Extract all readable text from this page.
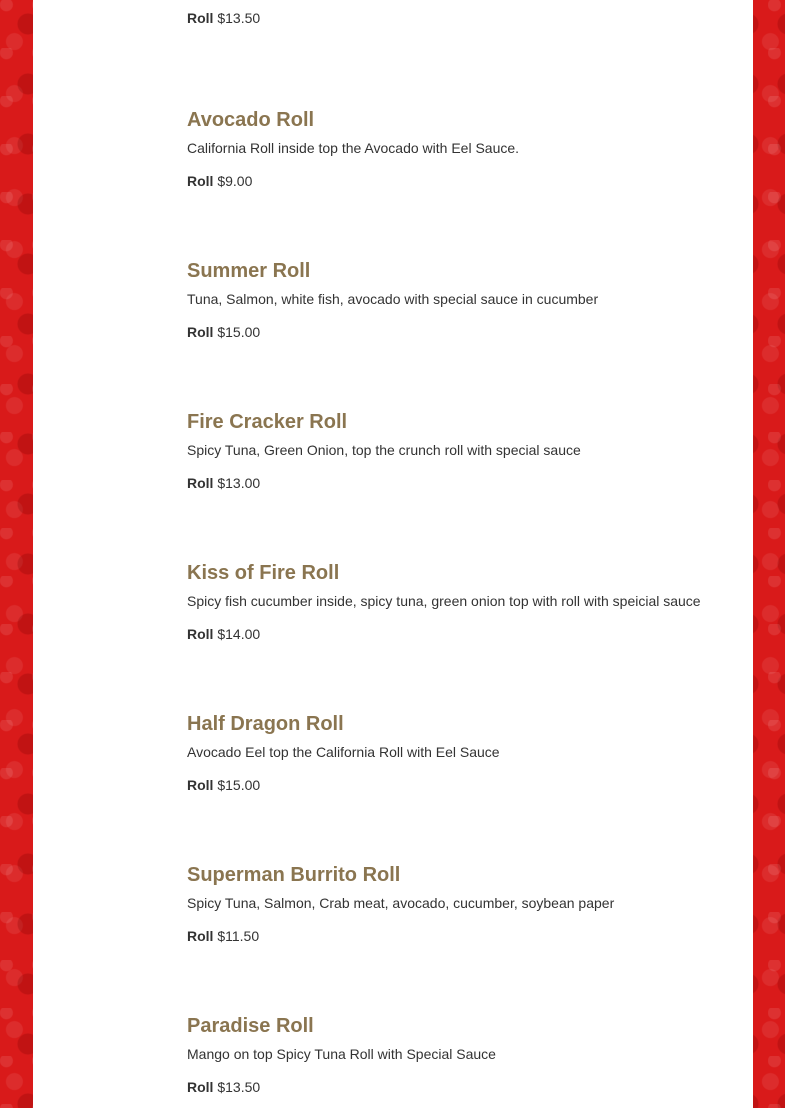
Roll $13.50

Avocado Roll

California Roll inside top the Avocado with Eel Sauce.

Roll $9.00

Summer Roll

Tuna, Salmon, white fish, avocado with special sauce in cucumber

Roll $15.00

Fire Cracker Roll

Spicy Tuna, Green Onion, top the crunch roll with special sauce

Roll $13.00

Kiss of Fire Roll

Spicy fish cucumber inside, spicy tuna, green onion top with roll with speicial sauce

Roll $14.00

Half Dragon Roll

Avocado Eel top the California Roll with Eel Sauce

Roll $15.00

Superman Burrito Roll

Spicy Tuna, Salmon, Crab meat, avocado, cucumber, soybean paper

Roll $11.50

Paradise Roll

Mango on top Spicy Tuna Roll with Special Sauce

Roll $13.50
